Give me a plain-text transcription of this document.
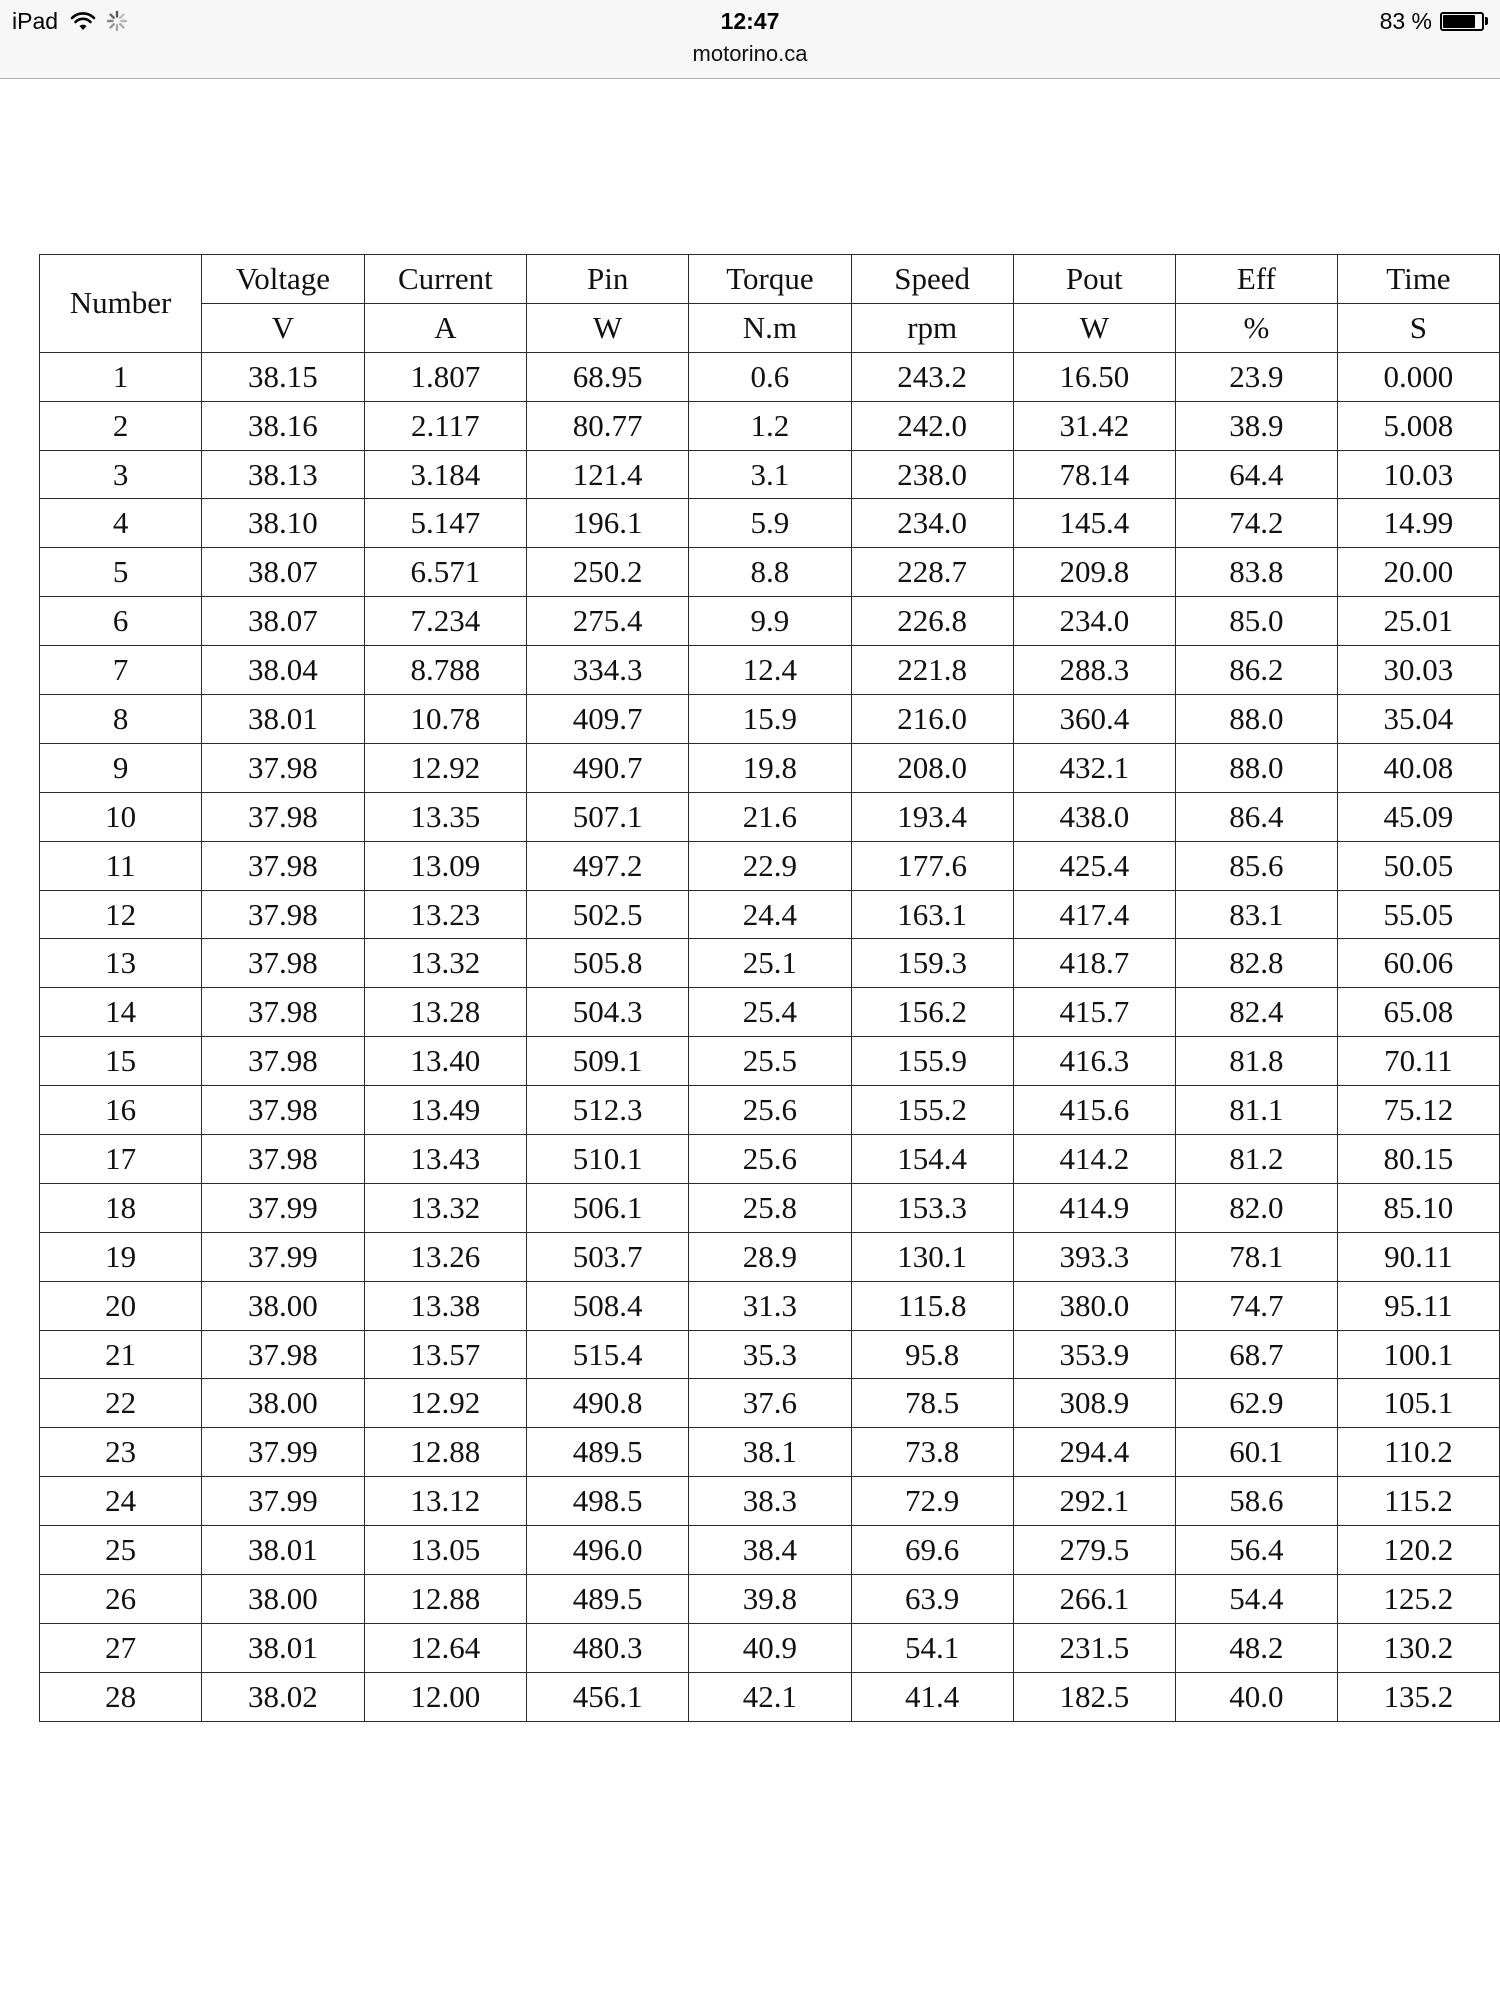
iPad	12:47	83 %
motorino.ca
Number	Voltage	Current	Pin	Torque	Speed	Pout	Eff	Time
	V	A	W	N.m	rpm	W	%	S
1	38.15	1.807	68.95	0.6	243.2	16.50	23.9	0.000
2	38.16	2.117	80.77	1.2	242.0	31.42	38.9	5.008
3	38.13	3.184	121.4	3.1	238.0	78.14	64.4	10.03
4	38.10	5.147	196.1	5.9	234.0	145.4	74.2	14.99
5	38.07	6.571	250.2	8.8	228.7	209.8	83.8	20.00
6	38.07	7.234	275.4	9.9	226.8	234.0	85.0	25.01
7	38.04	8.788	334.3	12.4	221.8	288.3	86.2	30.03
8	38.01	10.78	409.7	15.9	216.0	360.4	88.0	35.04
9	37.98	12.92	490.7	19.8	208.0	432.1	88.0	40.08
10	37.98	13.35	507.1	21.6	193.4	438.0	86.4	45.09
11	37.98	13.09	497.2	22.9	177.6	425.4	85.6	50.05
12	37.98	13.23	502.5	24.4	163.1	417.4	83.1	55.05
13	37.98	13.32	505.8	25.1	159.3	418.7	82.8	60.06
14	37.98	13.28	504.3	25.4	156.2	415.7	82.4	65.08
15	37.98	13.40	509.1	25.5	155.9	416.3	81.8	70.11
16	37.98	13.49	512.3	25.6	155.2	415.6	81.1	75.12
17	37.98	13.43	510.1	25.6	154.4	414.2	81.2	80.15
18	37.99	13.32	506.1	25.8	153.3	414.9	82.0	85.10
19	37.99	13.26	503.7	28.9	130.1	393.3	78.1	90.11
20	38.00	13.38	508.4	31.3	115.8	380.0	74.7	95.11
21	37.98	13.57	515.4	35.3	95.8	353.9	68.7	100.1
22	38.00	12.92	490.8	37.6	78.5	308.9	62.9	105.1
23	37.99	12.88	489.5	38.1	73.8	294.4	60.1	110.2
24	37.99	13.12	498.5	38.3	72.9	292.1	58.6	115.2
25	38.01	13.05	496.0	38.4	69.6	279.5	56.4	120.2
26	38.00	12.88	489.5	39.8	63.9	266.1	54.4	125.2
27	38.01	12.64	480.3	40.9	54.1	231.5	48.2	130.2
28	38.02	12.00	456.1	42.1	41.4	182.5	40.0	135.2
